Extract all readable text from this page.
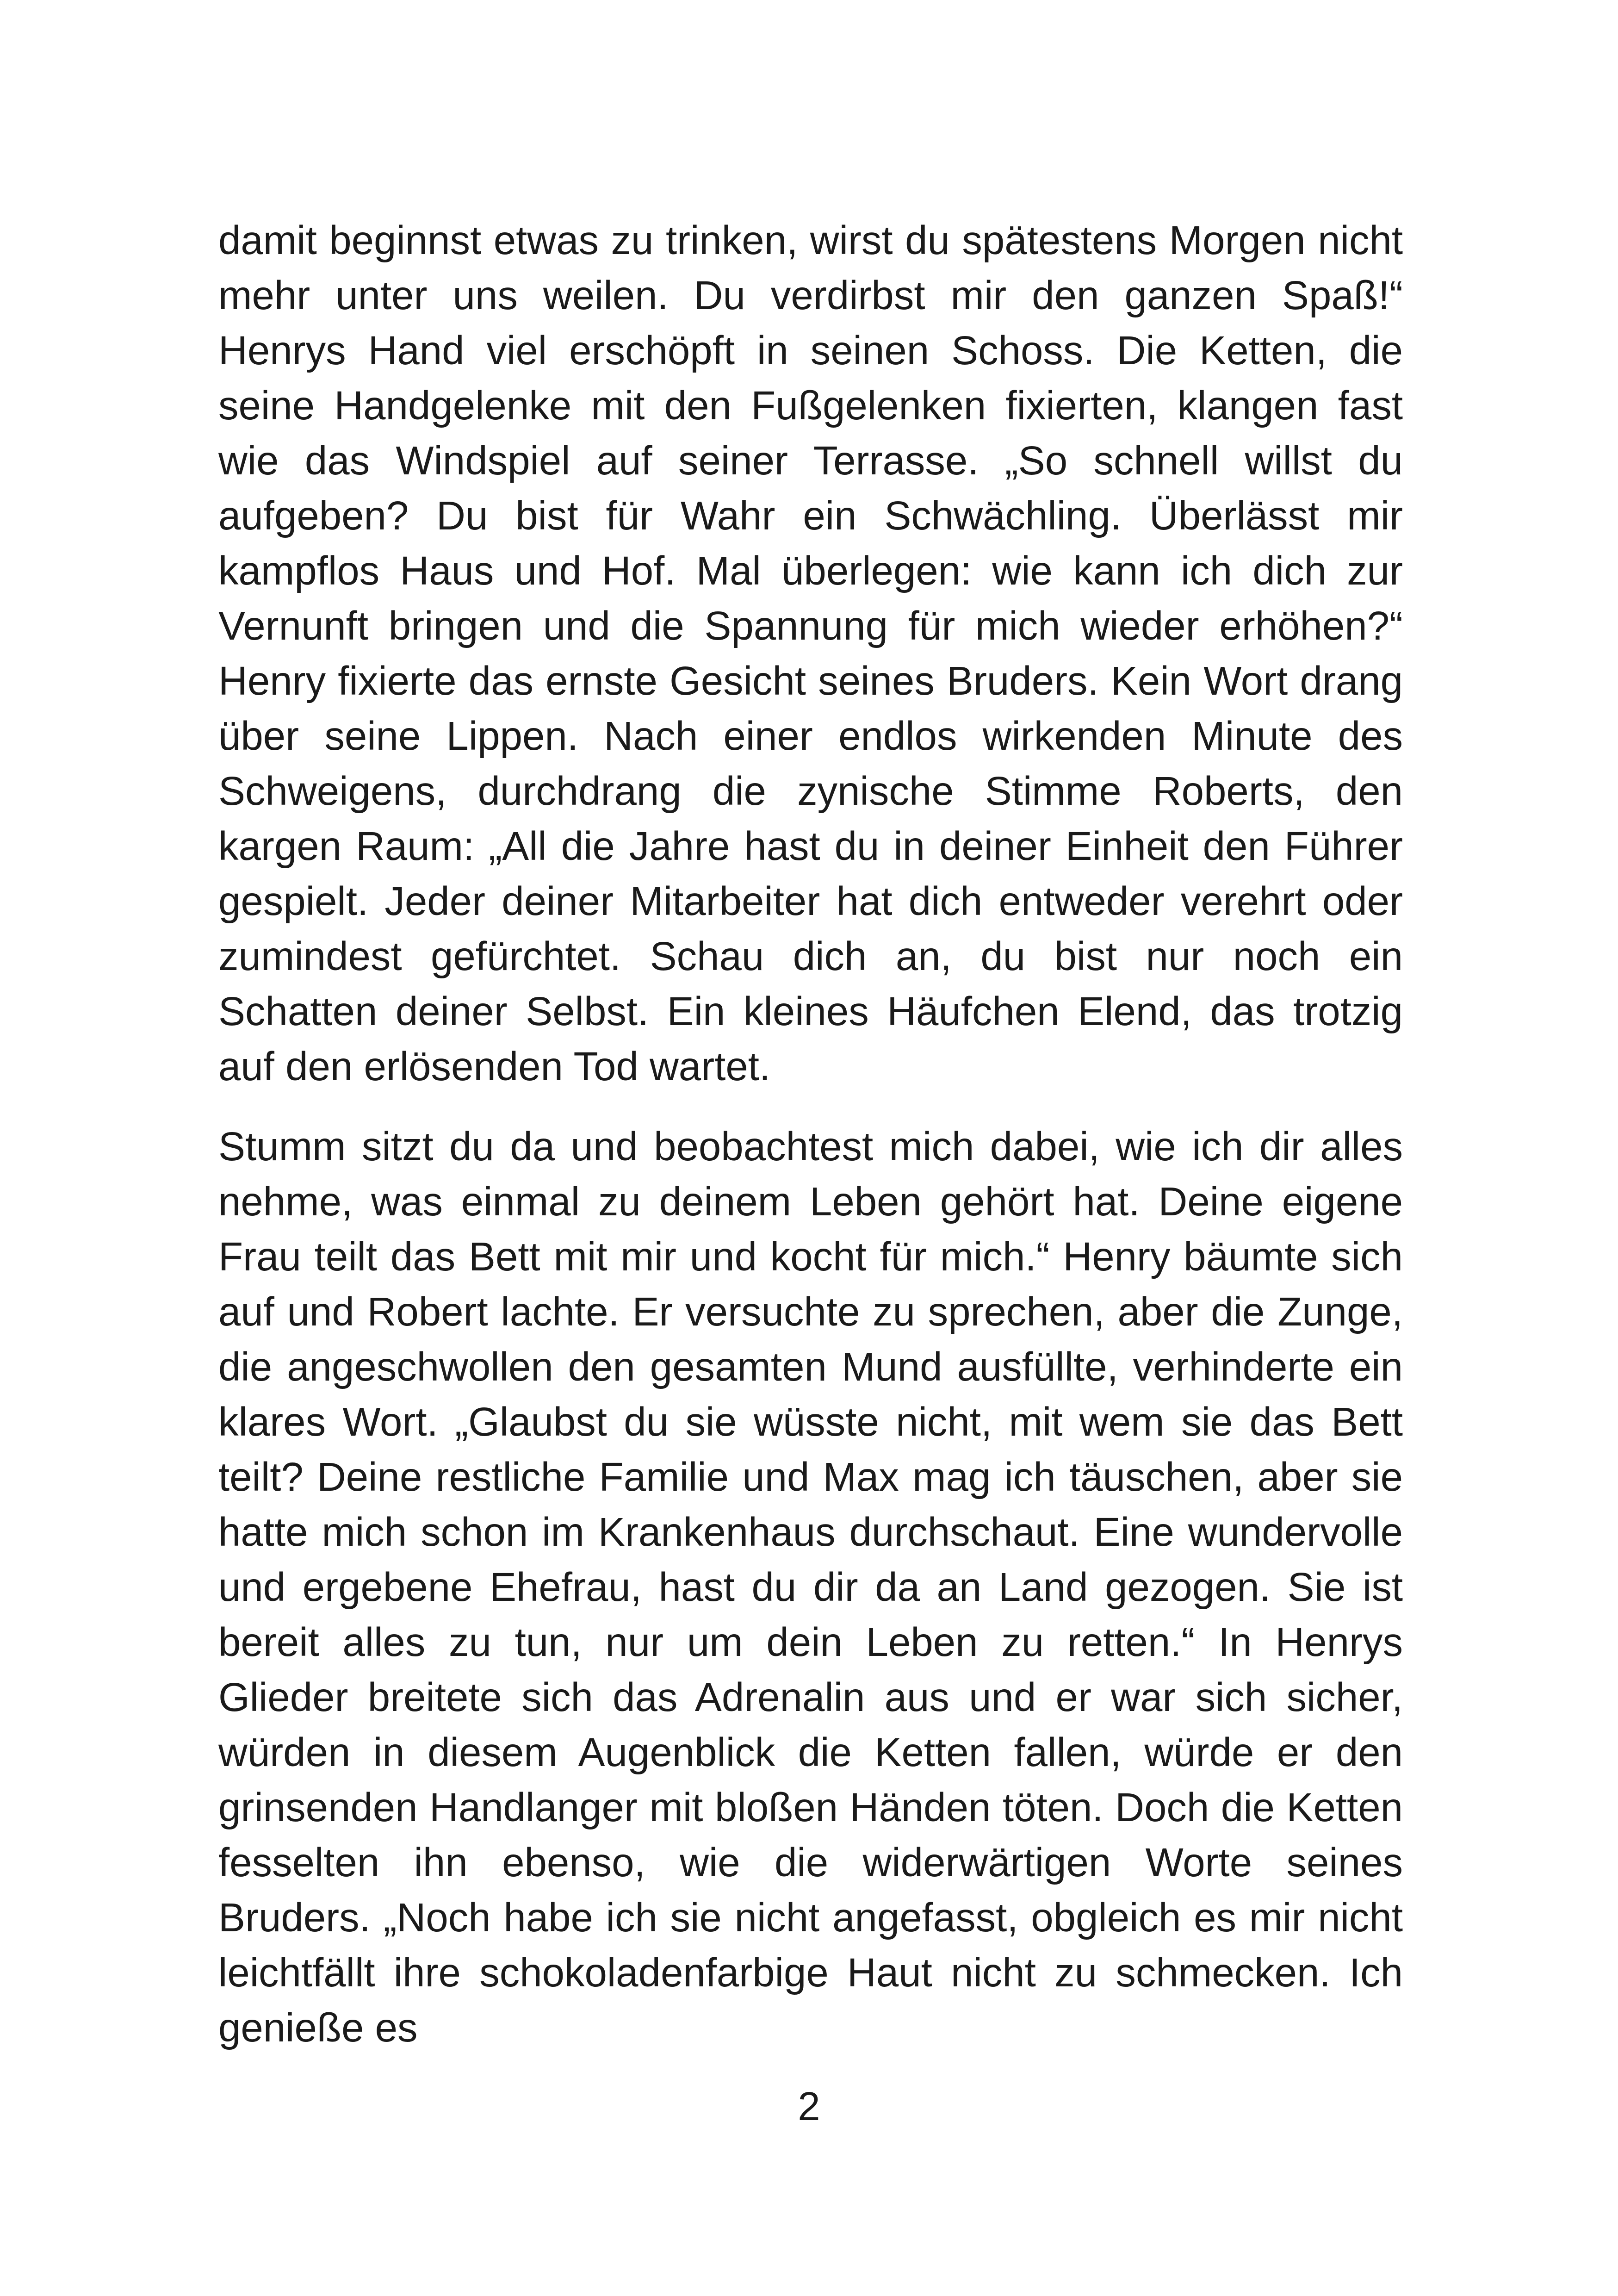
damit beginnst etwas zu trinken, wirst du spätestens Morgen nicht mehr unter uns weilen. Du verdirbst mir den ganzen Spaß!“ Henrys Hand viel erschöpft in seinen Schoss. Die Ketten, die seine Handgelenke mit den Fußgelenken fixierten, klangen fast wie das Windspiel auf seiner Terrasse. „So schnell willst du aufgeben? Du bist für Wahr ein Schwächling. Überlässt mir kampflos Haus und Hof. Mal überlegen: wie kann ich dich zur Vernunft bringen und die Spannung für mich wieder erhöhen?“ Henry fixierte das ernste Gesicht seines Bruders. Kein Wort drang über seine Lippen. Nach einer endlos wirkenden Minute des Schweigens, durchdrang die zynische Stimme Roberts, den kargen Raum: „All die Jahre hast du in deiner Einheit den Führer gespielt. Jeder deiner Mitarbeiter hat dich entweder verehrt oder zumindest gefürchtet. Schau dich an, du bist nur noch ein Schatten deiner Selbst. Ein kleines Häufchen Elend, das trotzig auf den erlösenden Tod wartet.

Stumm sitzt du da und beobachtest mich dabei, wie ich dir alles nehme, was einmal zu deinem Leben gehört hat. Deine eigene Frau teilt das Bett mit mir und kocht für mich.“ Henry bäumte sich auf und Robert lachte. Er versuchte zu sprechen, aber die Zunge, die angeschwollen den gesamten Mund ausfüllte, verhinderte ein klares Wort. „Glaubst du sie wüsste nicht, mit wem sie das Bett teilt? Deine restliche Familie und Max mag ich täuschen, aber sie hatte mich schon im Krankenhaus durchschaut. Eine wundervolle und ergebene Ehefrau, hast du dir da an Land gezogen. Sie ist bereit alles zu tun, nur um dein Leben zu retten.“ In Henrys Glieder breitete sich das Adrenalin aus und er war sich sicher, würden in diesem Augenblick die Ketten fallen, würde er den grinsenden Handlanger mit bloßen Händen töten. Doch die Ketten fesselten ihn ebenso, wie die widerwärtigen Worte seines Bruders. „Noch habe ich sie nicht angefasst, obgleich es mir nicht leichtfällt ihre schokoladenfarbige Haut nicht zu schmecken. Ich genieße es

2
